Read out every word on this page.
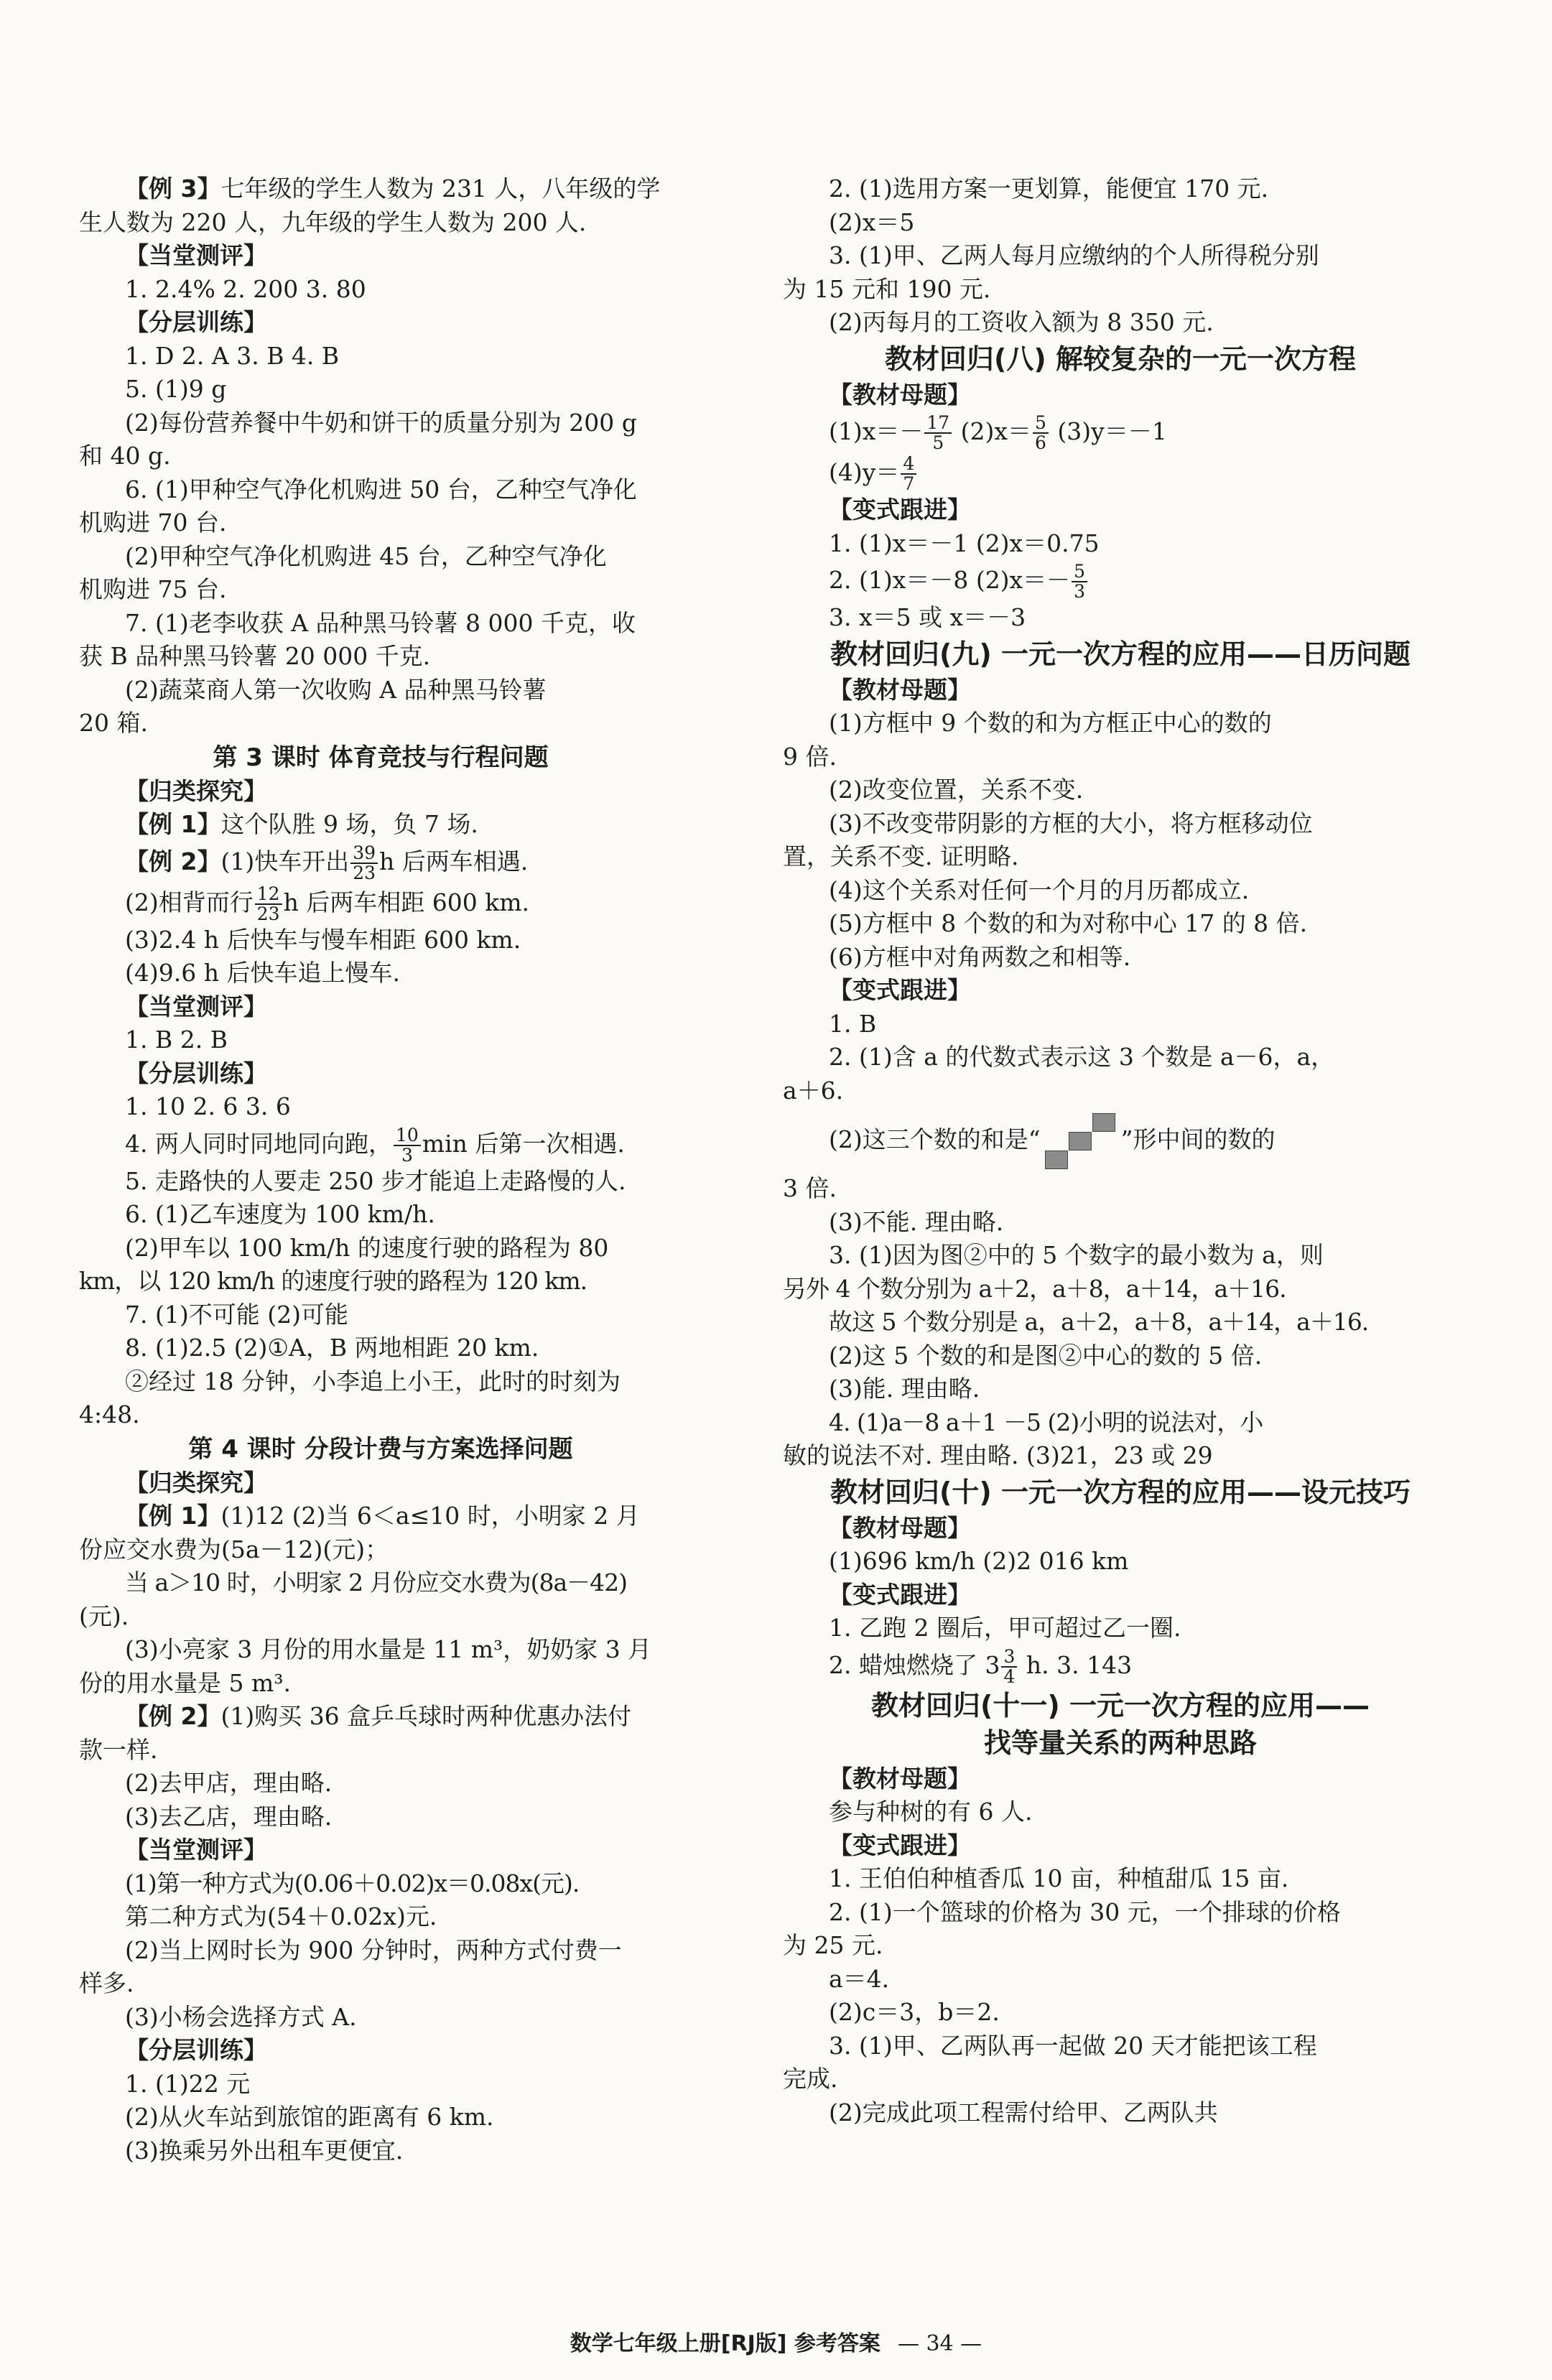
【例 3】七年级的学生人数为 231 人，八年级的学
生人数为 220 人，九年级的学生人数为 200 人.
【当堂测评】
1. 2.4% 2. 200 3. 80
【分层训练】
1. D 2. A 3. B 4. B
5. (1)9 g
(2)每份营养餐中牛奶和饼干的质量分别为 200 g
和 40 g.
6. (1)甲种空气净化机购进 50 台，乙种空气净化
机购进 70 台.
(2)甲种空气净化机购进 45 台，乙种空气净化
机购进 75 台.
7. (1)老李收获 A 品种黑马铃薯 8 000 千克，收
获 B 品种黑马铃薯 20 000 千克.
(2)蔬菜商人第一次收购 A 品种黑马铃薯
20 箱.
第 3 课时 体育竞技与行程问题
【归类探究】
【例 1】这个队胜 9 场，负 7 场.
【例 2】(1)快车开出 $\frac{39}{23}$ h 后两车相遇.
(2)相背而行 $\frac{12}{23}$ h 后两车相距 600 km.
(3)2.4 h 后快车与慢车相距 600 km.
(4)9.6 h 后快车追上慢车.
【当堂测评】
1. B 2. B
【分层训练】
1. 10 2. 6 3. 6
4. 两人同时同地同向跑， $\frac{10}{3}$ min 后第一次相遇.
5. 走路快的人要走 250 步才能追上走路慢的人.
6. (1)乙车速度为 100 km/h.
(2)甲车以 100 km/h 的速度行驶的路程为 80
km，以 120 km/h 的速度行驶的路程为 120 km.
7. (1)不可能 (2)可能
8. (1)2.5 (2)①A，B 两地相距 20 km.
②经过 18 分钟，小李追上小王，此时的时刻为
4:48.
第 4 课时 分段计费与方案选择问题
【归类探究】
【例 1】(1)12 (2)当 6＜a≤10 时，小明家 2 月
份应交水费为(5a－12)(元)；
当 a＞10 时，小明家 2 月份应交水费为(8a－42)
(元).
(3)小亮家 3 月份的用水量是 11 m³，奶奶家 3 月
份的用水量是 5 m³.
【例 2】(1)购买 36 盒乒乓球时两种优惠办法付
款一样.
(2)去甲店，理由略.
(3)去乙店，理由略.
【当堂测评】
(1)第一种方式为(0.06＋0.02)x＝0.08x(元).
第二种方式为(54＋0.02x)元.
(2)当上网时长为 900 分钟时，两种方式付费一
样多.
(3)小杨会选择方式 A.
【分层训练】
1. (1)22 元
(2)从火车站到旅馆的距离有 6 km.
(3)换乘另外出租车更便宜.
2. (1)选用方案一更划算，能便宜 170 元.
(2)x＝5
3. (1)甲、乙两人每月应缴纳的个人所得税分别
为 15 元和 190 元.
(2)丙每月的工资收入额为 8 350 元.
教材回归(八) 解较复杂的一元一次方程
【教材母题】
$(1)x=- \frac{17}{5} (2)x= \frac{5}{6} (3)y=-1$
$(4)y= \frac{4}{7}$
【变式跟进】
1. (1)x＝－1 (2)x＝0.75
2. (1)x＝－8 $(2)x=- \frac{5}{3}$
3. x＝5 或 x＝－3
教材回归(九) 一元一次方程的应用——日历问题
【教材母题】
(1)方框中 9 个数的和为方框正中心的数的
9 倍.
(2)改变位置，关系不变.
(3)不改变带阴影的方框的大小，将方框移动位
置，关系不变. 证明略.
(4)这个关系对任何一个月的月历都成立.
(5)方框中 8 个数的和为对称中心 17 的 8 倍.
(6)方框中对角两数之和相等.
【变式跟进】
1. B
2. (1)含 a 的代数式表示这 3 个数是 a－6，a，
a＋6.
(2)这三个数的和是“	”形中间的数的
3 倍.
(3)不能. 理由略.
3. (1)因为图②中的 5 个数字的最小数为 a，则
另外 4 个数分别为 a＋2，a＋8，a＋14，a＋16.
故这 5 个数分别是 a，a＋2，a＋8，a＋14，a＋16.
(2)这 5 个数的和是图②中心的数的 5 倍.
(3)能. 理由略.
4. (1)a－8 a＋1 －5 (2)小明的说法对，小
敏的说法不对. 理由略. (3)21，23 或 29
教材回归(十) 一元一次方程的应用——设元技巧
【教材母题】
(1)696 km/h (2)2 016 km
【变式跟进】
1. 乙跑 2 圈后，甲可超过乙一圈.
2. 蜡烛燃烧了 $3 \frac{3}{4} h$. 3. 143
教材回归(十一) 一元一次方程的应用——
找等量关系的两种思路
【教材母题】
参与种树的有 6 人.
【变式跟进】
1. 王伯伯种植香瓜 10 亩，种植甜瓜 15 亩.
2. (1)一个篮球的价格为 30 元，一个排球的价格
为 25 元.
a＝4.
(2)c＝3，b＝2.
3. (1)甲、乙两队再一起做 20 天才能把该工程
完成.
(2)完成此项工程需付给甲、乙两队共
数学七年级上册[RJ版] 参考答案 — 34 —
